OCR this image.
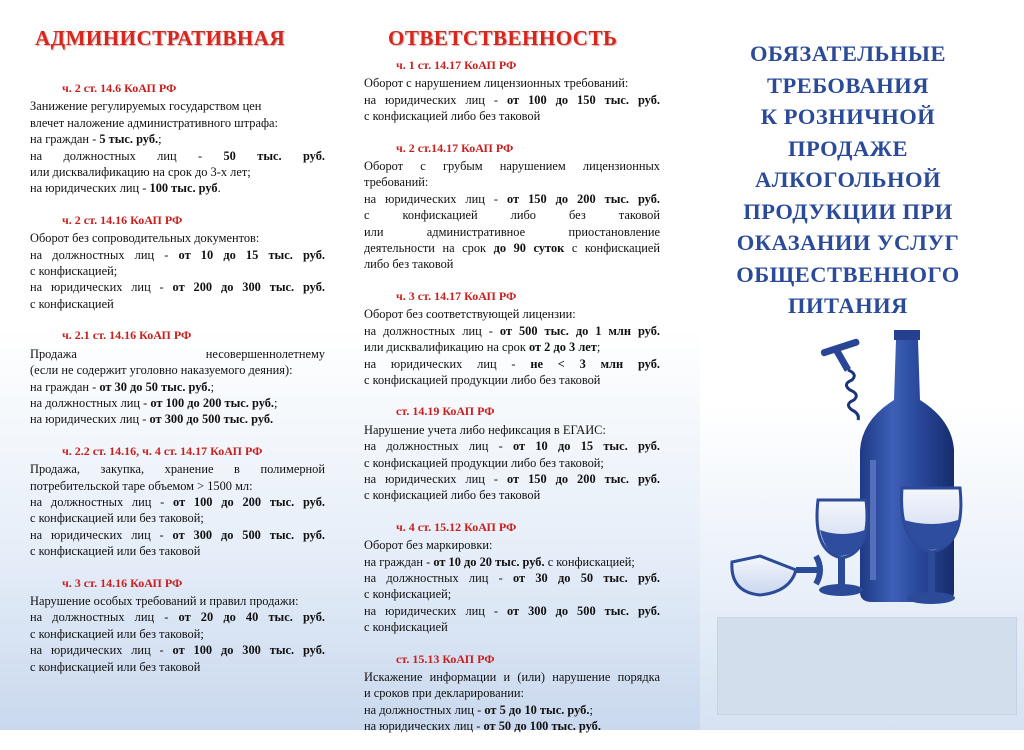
АДМИНИСТРАТИВНАЯ	ОТВЕТСТВЕННОСТЬ
ч. 2 ст. 14.6 КоАП РФ
Занижение регулируемых государством цен
влечет наложение административного штрафа:
на граждан - 5 тыс. руб.;
на должностных лиц - 50 тыс. руб.
или дисквалификацию на срок до 3-х лет;
на юридических лиц - 100 тыс. руб.
ч. 2 ст. 14.16 КоАП РФ
Оборот без сопроводительных документов:
на должностных лиц - от 10 до 15 тыс. руб.
с конфискацией;
на юридических лиц - от 200 до 300 тыс. руб.
с конфискацией
ч. 2.1 ст. 14.16 КоАП РФ
Продажа несовершеннолетнему
(если не содержит уголовно наказуемого деяния):
на граждан - от 30 до 50 тыс. руб.;
на должностных лиц - от 100 до 200 тыс. руб.;
на юридических лиц - от 300 до 500 тыс. руб.
ч. 2.2 ст. 14.16, ч. 4 ст. 14.17 КоАП РФ
Продажа, закупка, хранение в полимерной
потребительской таре объемом > 1500 мл:
на должностных лиц - от 100 до 200 тыс. руб.
с конфискацией или без таковой;
на юридических лиц - от 300 до 500 тыс. руб.
с конфискацией или без таковой
ч. 3 ст. 14.16 КоАП РФ
Нарушение особых требований и правил продажи:
на должностных лиц - от 20 до 40 тыс. руб.
с конфискацией или без таковой;
на юридических лиц - от 100 до 300 тыс. руб.
с конфискацией или без таковой
ч. 1 ст. 14.17 КоАП РФ
Оборот с нарушением лицензионных требований:
на юридических лиц - от 100 до 150 тыс. руб.
с конфискацией либо без таковой
ч. 2 ст.14.17 КоАП РФ
Оборот с грубым нарушением лицензионных
требований:
на юридических лиц - от 150 до 200 тыс. руб.
с конфискацией либо без таковой
или административное приостановление
деятельности на срок до 90 суток с конфискацией
либо без таковой
ч. 3 ст. 14.17 КоАП РФ
Оборот без соответствующей лицензии:
на должностных лиц - от 500 тыс. до 1 млн руб.
или дисквалификацию на срок от 2 до 3 лет;
на юридических лиц - не < 3 млн руб.
с конфискацией продукции либо без таковой
ст. 14.19 КоАП РФ
Нарушение учета либо нефиксация в ЕГАИС:
на должностных лиц - от 10 до 15 тыс. руб.
с конфискацией продукции либо без таковой;
на юридических лиц - от 150 до 200 тыс. руб.
с конфискацией либо без таковой
ч. 4 ст. 15.12 КоАП РФ
Оборот без маркировки:
на граждан - от 10 до 20 тыс. руб. с конфискацией;
на должностных лиц - от 30 до 50 тыс. руб.
с конфискацией;
на юридических лиц - от 300 до 500 тыс. руб.
с конфискацией
ст. 15.13 КоАП РФ
Искажение информации и (или) нарушение порядка
и сроков при декларировании:
на должностных лиц - от 5 до 10 тыс. руб.;
на юридических лиц - от 50 до 100 тыс. руб.
ОБЯЗАТЕЛЬНЫЕ
ТРЕБОВАНИЯ
К РОЗНИЧНОЙ
ПРОДАЖЕ
АЛКОГОЛЬНОЙ
ПРОДУКЦИИ ПРИ
ОКАЗАНИИ УСЛУГ
ОБЩЕСТВЕННОГО
ПИТАНИЯ
